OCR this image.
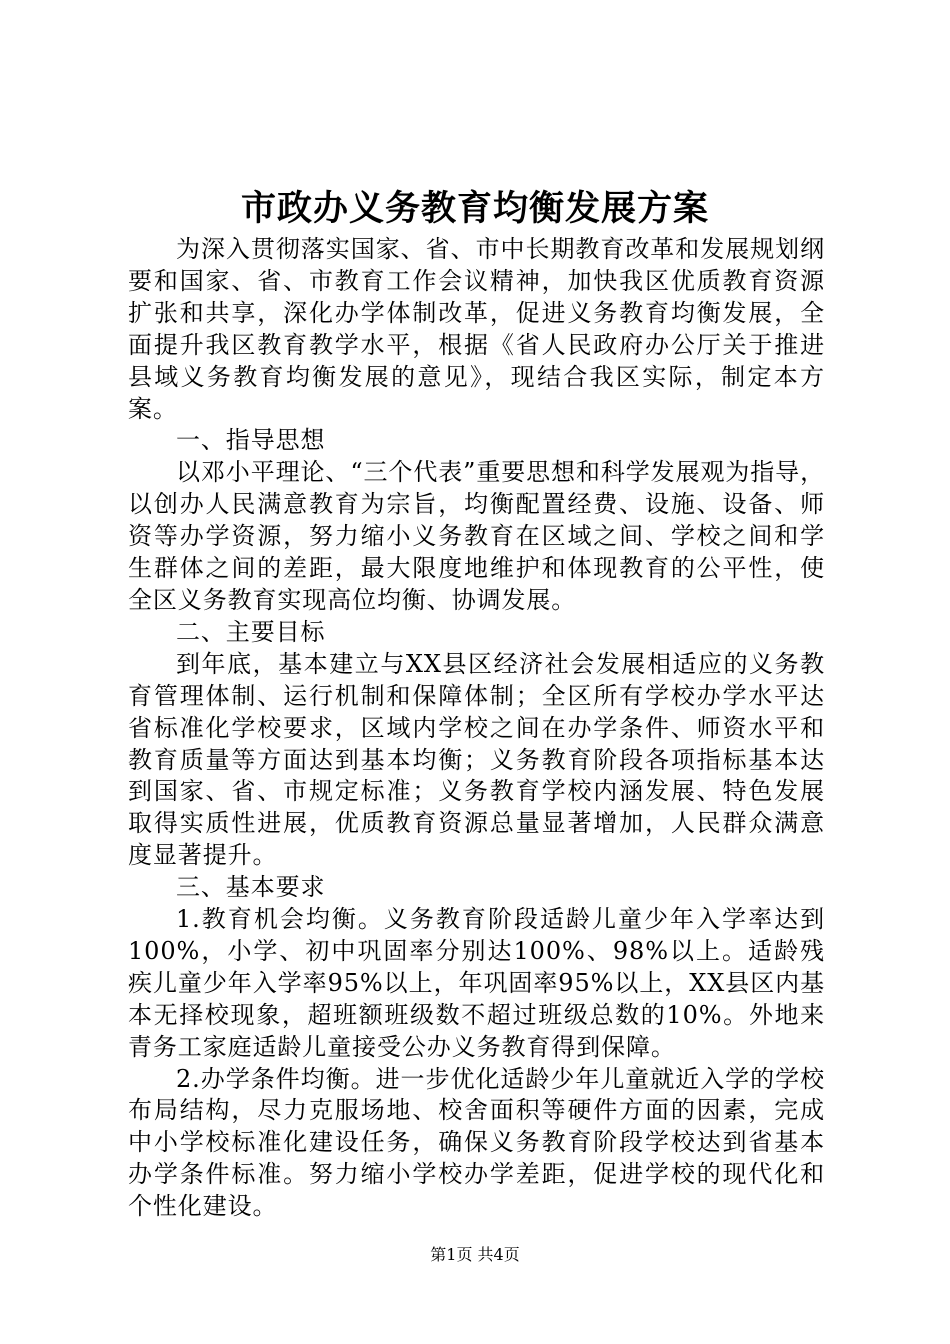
市政办义务教育均衡发展方案

为深入贯彻落实国家、省、市中长期教育改革和发展规划纲要和国家、省、市教育工作会议精神，加快我区优质教育资源扩张和共享，深化办学体制改革，促进义务教育均衡发展，全面提升我区教育教学水平，根据《省人民政府办公厅关于推进县域义务教育均衡发展的意见》，现结合我区实际，制定本方案。

一、指导思想

以邓小平理论、“三个代表”重要思想和科学发展观为指导，以创办人民满意教育为宗旨，均衡配置经费、设施、设备、师资等办学资源，努力缩小义务教育在区域之间、学校之间和学生群体之间的差距，最大限度地维护和体现教育的公平性，使全区义务教育实现高位均衡、协调发展。

二、主要目标

到年底，基本建立与XX县区经济社会发展相适应的义务教育管理体制、运行机制和保障体制；全区所有学校办学水平达省标准化学校要求，区域内学校之间在办学条件、师资水平和教育质量等方面达到基本均衡；义务教育阶段各项指标基本达到国家、省、市规定标准；义务教育学校内涵发展、特色发展取得实质性进展，优质教育资源总量显著增加，人民群众满意度显著提升。

三、基本要求

1.教育机会均衡。义务教育阶段适龄儿童少年入学率达到100%，小学、初中巩固率分别达100%、98%以上。适龄残疾儿童少年入学率95%以上，年巩固率95%以上，XX县区内基本无择校现象，超班额班级数不超过班级总数的10%。外地来青务工家庭适龄儿童接受公办义务教育得到保障。

2.办学条件均衡。进一步优化适龄少年儿童就近入学的学校布局结构，尽力克服场地、校舍面积等硬件方面的因素，完成中小学校标准化建设任务，确保义务教育阶段学校达到省基本办学条件标准。努力缩小学校办学差距，促进学校的现代化和个性化建设。

第1页 共4页
